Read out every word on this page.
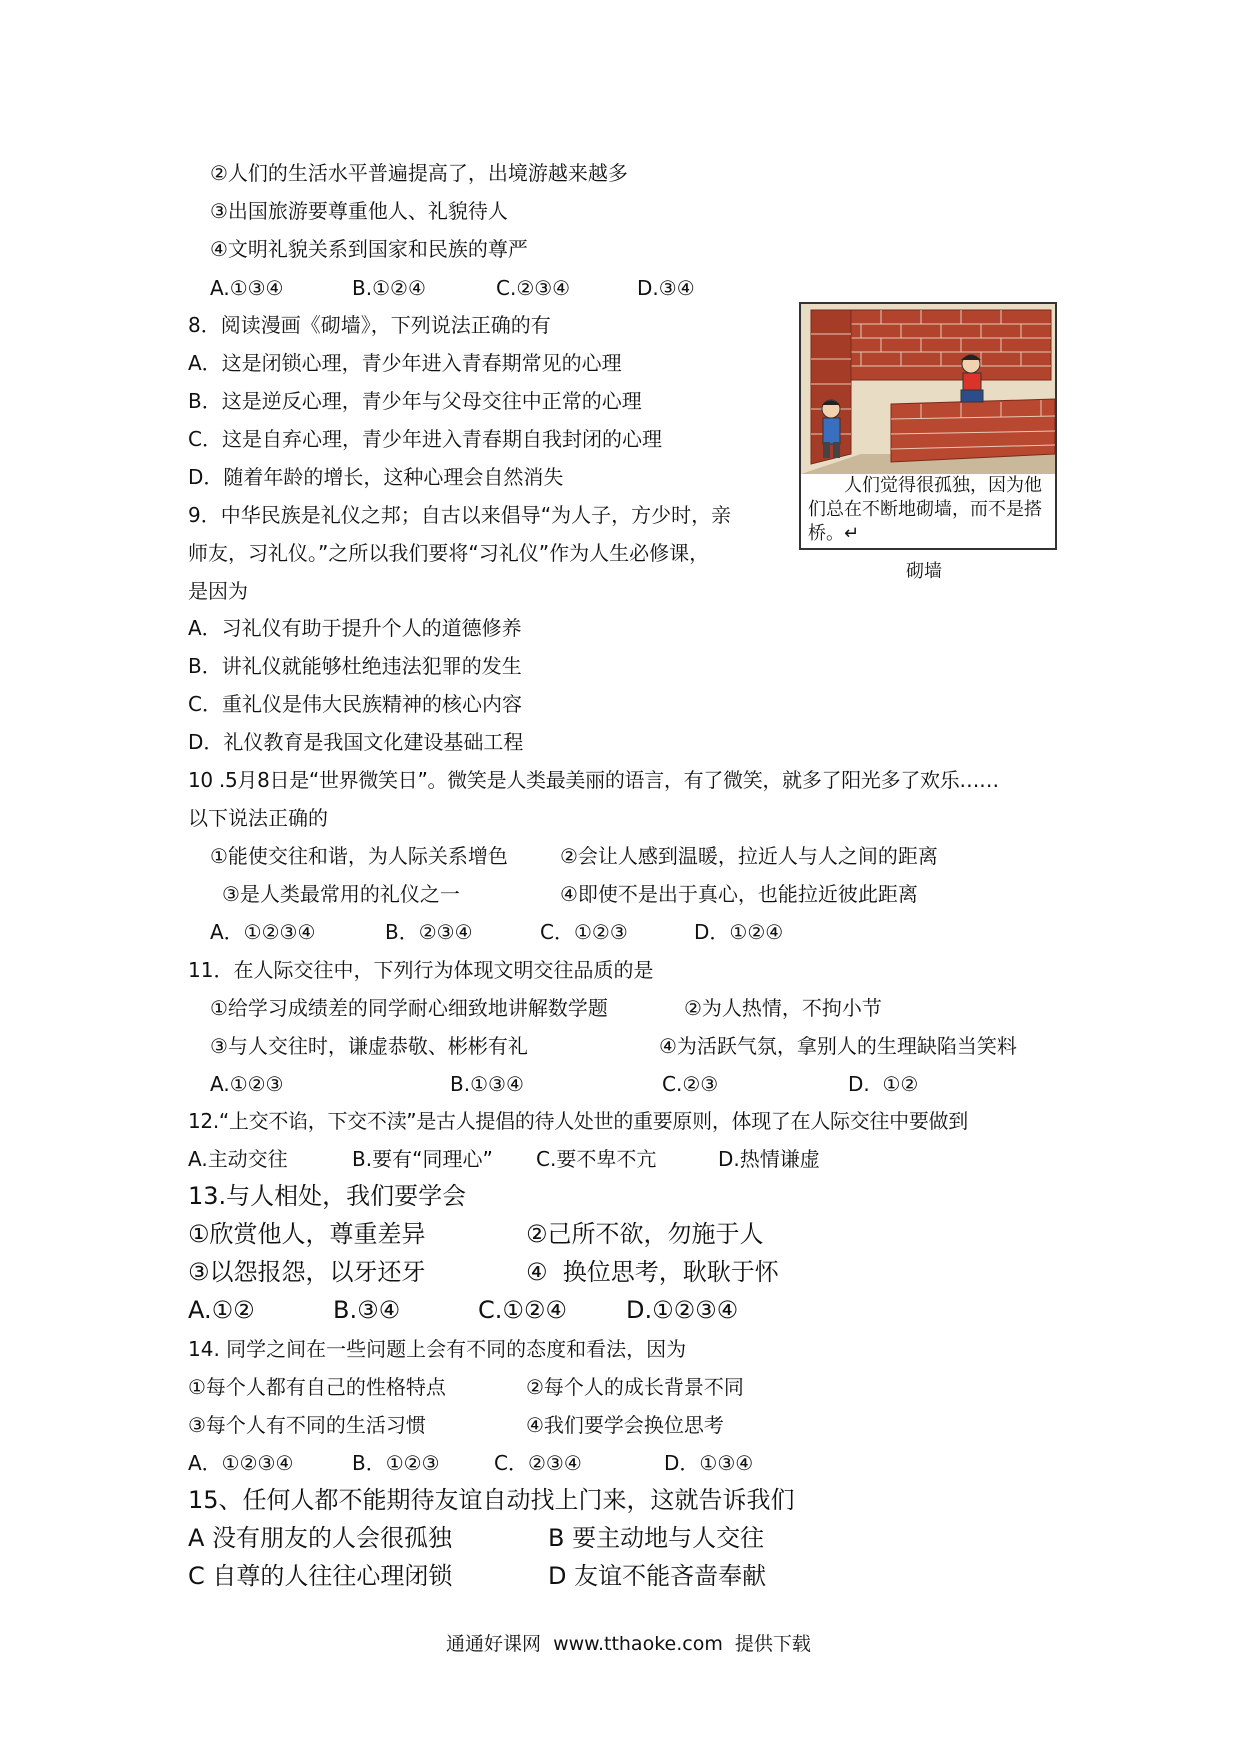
②人们的生活水平普遍提高了，出境游越来越多
③出国旅游要尊重他人、礼貌待人
④文明礼貌关系到国家和民族的尊严
A.①③④	B.①②④	C.②③④	D.③④
8．阅读漫画《砌墙》，下列说法正确的有
A．这是闭锁心理，青少年进入青春期常见的心理
B．这是逆反心理，青少年与父母交往中正常的心理
C．这是自弃心理，青少年进入青春期自我封闭的心理
D．随着年龄的增长，这种心理会自然消失	人们觉得很孤独，因为他们总在不断地砌墙，而不是搭桥。↵
砌墙
9．中华民族是礼仪之邦；自古以来倡导“为人子，方少时，亲
师友，习礼仪。”之所以我们要将“习礼仪”作为人生必修课，
是因为
A．习礼仪有助于提升个人的道德修养
B．讲礼仪就能够杜绝违法犯罪的发生
C．重礼仪是伟大民族精神的核心内容
D．礼仪教育是我国文化建设基础工程
10 .5月8日是“世界微笑日”。微笑是人类最美丽的语言，有了微笑，就多了阳光多了欢乐……
以下说法正确的
①能使交往和谐，为人际关系增色	②会让人感到温暖，拉近人与人之间的距离
③是人类最常用的礼仪之一	④即使不是出于真心，也能拉近彼此距离
A．①②③④	B．②③④	C．①②③	D．①②④
11．在人际交往中，下列行为体现文明交往品质的是
①给学习成绩差的同学耐心细致地讲解数学题	②为人热情，不拘小节
③与人交往时，谦虚恭敬、彬彬有礼	④为活跃气氛，拿别人的生理缺陷当笑料
A.①②③	B.①③④	C.②③	D.  ①②
12.“上交不谄，下交不渎”是古人提倡的待人处世的重要原则，体现了在人际交往中要做到
A.主动交往	B.要有“同理心” C.要不卑不亢	D.热情谦虚
13.与人相处，我们要学会
①欣赏他人，尊重差异	②己所不欲，勿施于人
③以怨报怨，以牙还牙	④  换位思考，耿耿于怀
A.①②	B.③④	C.①②④ D.①②③④
14. 同学之间在一些问题上会有不同的态度和看法，因为
①每个人都有自己的性格特点	②每个人的成长背景不同
③每个人有不同的生活习惯	④我们要学会换位思考
A．①②③④	B．①②③	C．②③④	D．①③④
15、任何人都不能期待友谊自动找上门来，这就告诉我们
A 没有朋友的人会很孤独	B 要主动地与人交往
C 自尊的人往往心理闭锁	D 友谊不能吝啬奉献
通通好课网  www.tthaoke.com  提供下载
